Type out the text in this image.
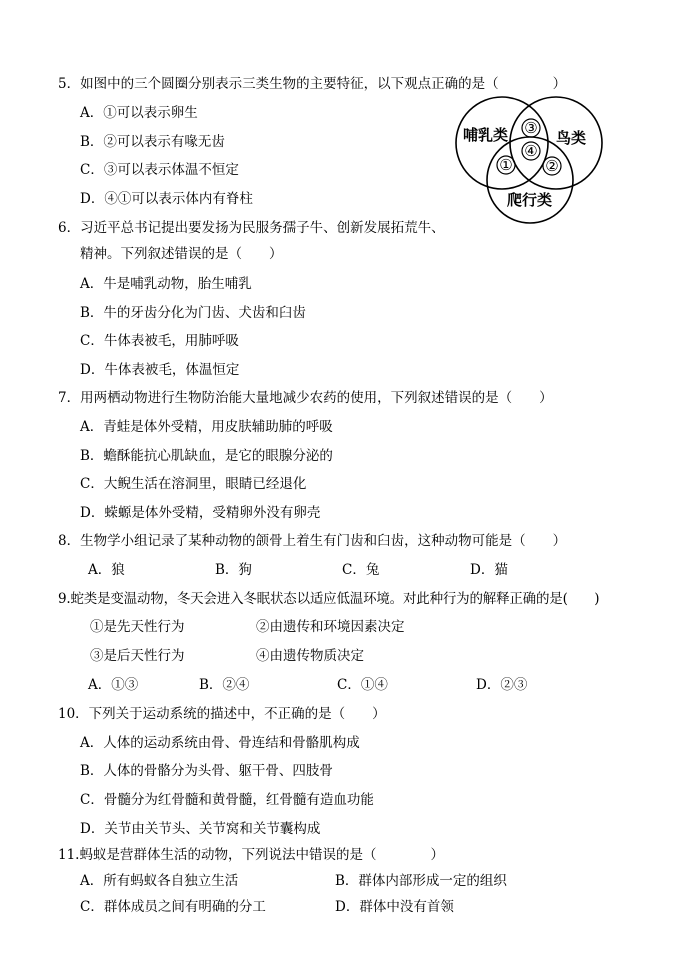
5．如图中的三个圆圈分别表示三类生物的主要特征，以下观点正确的是（　　　　）
A．①可以表示卵生
B．②可以表示有喙无齿
C．③可以表示体温不恒定
D．④①可以表示体内有脊柱
哺乳类	鸟类
爬行类
③
④
① ②
6．习近平总书记提出要发扬为民服务孺子牛、创新发展拓荒牛、
精神。下列叙述错误的是（　　）
A．牛是哺乳动物，胎生哺乳
B．牛的牙齿分化为门齿、犬齿和臼齿
C．牛体表被毛，用肺呼吸
D．牛体表被毛，体温恒定
7．用两栖动物进行生物防治能大量地减少农药的使用，下列叙述错误的是（　　）
A．青蛙是体外受精，用皮肤辅助肺的呼吸
B．蟾酥能抗心肌缺血，是它的眼腺分泌的
C．大鲵生活在溶洞里，眼睛已经退化
D．蝾螈是体外受精，受精卵外没有卵壳
8．生物学小组记录了某种动物的颌骨上着生有门齿和臼齿，这种动物可能是（　　）
A．狼	B．狗	C．兔	D．猫
9.蛇类是变温动物，冬天会进入冬眠状态以适应低温环境。对此种行为的解释正确的是(　　)
①是先天性行为	②由遗传和环境因素决定
③是后天性行为	④由遗传物质决定
A．①③	B．②④	C．①④	D．②③
10．下列关于运动系统的描述中，不正确的是（　　）
A．人体的运动系统由骨、骨连结和骨骼肌构成
B．人体的骨骼分为头骨、躯干骨、四肢骨
C．骨髓分为红骨髓和黄骨髓，红骨髓有造血功能
D．关节由关节头、关节窝和关节囊构成
11.蚂蚁是营群体生活的动物，下列说法中错误的是（　　　　）
A．所有蚂蚁各自独立生活	B．群体内部形成一定的组织
C．群体成员之间有明确的分工	D．群体中没有首领
